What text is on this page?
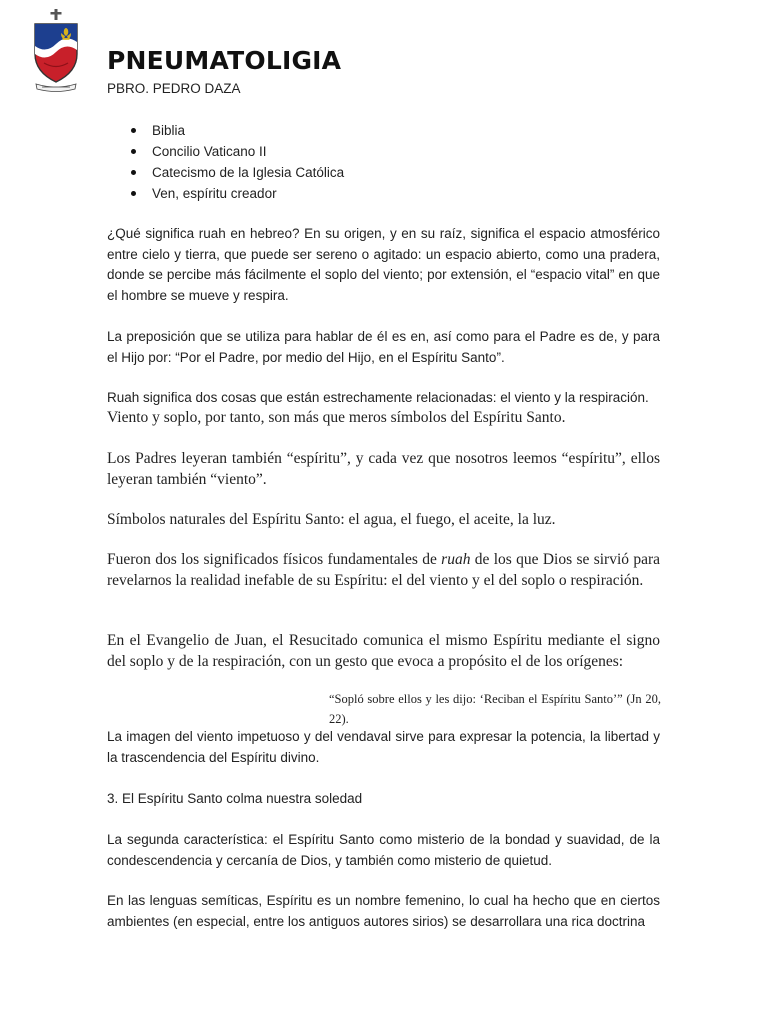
PNEUMATOLIGIA
PBRO. PEDRO DAZA
Biblia
Concilio Vaticano II
Catecismo de la Iglesia Católica
Ven, espíritu creador

¿Qué significa ruah en hebreo? En su origen, y en su raíz, significa el espacio atmosférico entre cielo y tierra, que puede ser sereno o agitado: un espacio abierto, como una pradera, donde se percibe más fácilmente el soplo del viento; por extensión, el “espacio vital” en que el hombre se mueve y respira.

La preposición que se utiliza para hablar de él es en, así como para el Padre es de, y para el Hijo por: “Por el Padre, por medio del Hijo, en el Espíritu Santo”.

Ruah significa dos cosas que están estrechamente relacionadas: el viento y la respiración.

Viento y soplo, por tanto, son más que meros símbolos del Espíritu Santo.

Los Padres leyeran también “espíritu”, y cada vez que nosotros leemos “espíritu”, ellos leyeran también “viento”.

Símbolos naturales del Espíritu Santo: el agua, el fuego, el aceite, la luz.

Fueron dos los significados físicos fundamentales de ruah de los que Dios se sirvió para revelarnos la realidad inefable de su Espíritu: el del viento y el del soplo o respiración.

En el Evangelio de Juan, el Resucitado comunica el mismo Espíritu mediante el signo del soplo y de la respiración, con un gesto que evoca a propósito el de los orígenes:

“Sopló sobre ellos y les dijo: ‘Reciban el Espíritu Santo’” (Jn 20, 22).

La imagen del viento impetuoso y del vendaval sirve para expresar la potencia, la libertad y la trascendencia del Espíritu divino.

3. El Espíritu Santo colma nuestra soledad

La segunda característica: el Espíritu Santo como misterio de la bondad y suavidad, de la condescendencia y cercanía de Dios, y también como misterio de quietud.

En las lenguas semíticas, Espíritu es un nombre femenino, lo cual ha hecho que en ciertos ambientes (en especial, entre los antiguos autores sirios) se desarrollara una rica doctrina
